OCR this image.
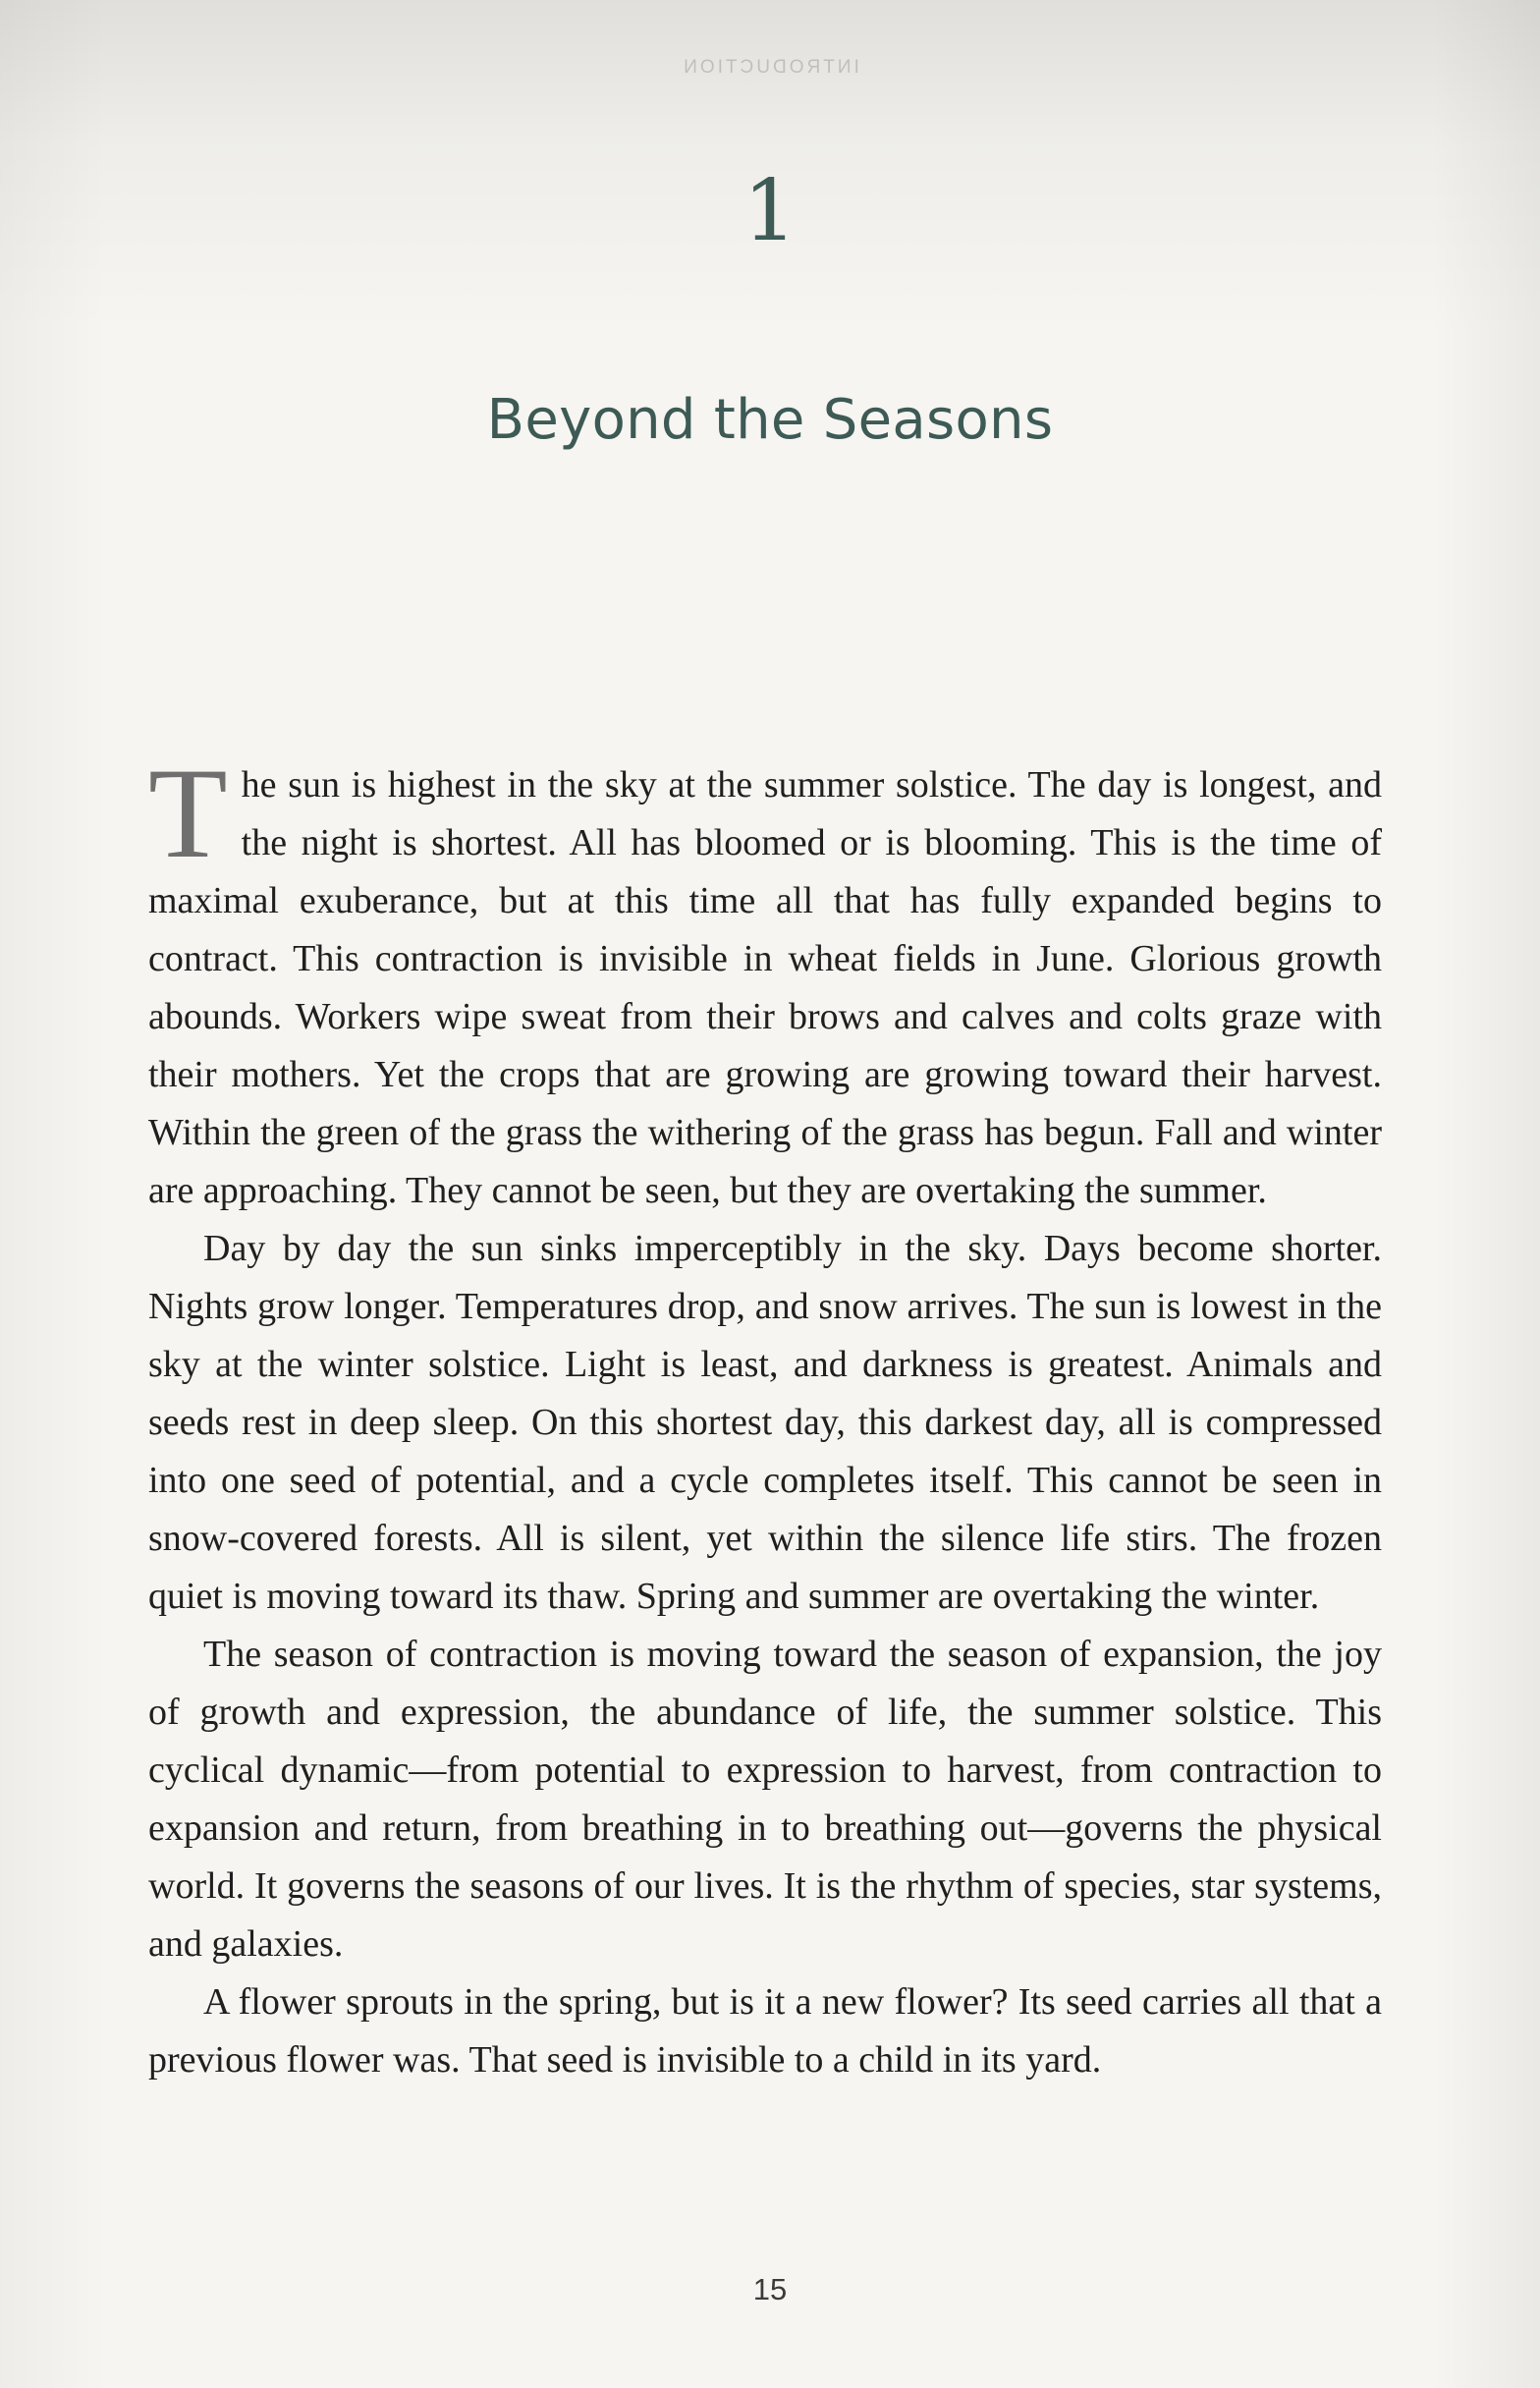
INTRODUCTION
1
Beyond the Seasons

The sun is highest in the sky at the summer solstice. The day is longest, and the night is shortest. All has bloomed or is blooming. This is the time of maximal exuberance, but at this time all that has fully expanded begins to contract. This contraction is invisible in wheat fields in June. Glorious growth abounds. Workers wipe sweat from their brows and calves and colts graze with their mothers. Yet the crops that are growing are growing toward their harvest. Within the green of the grass the withering of the grass has begun. Fall and winter are approaching. They cannot be seen, but they are overtaking the summer.

Day by day the sun sinks imperceptibly in the sky. Days become shorter. Nights grow longer. Temperatures drop, and snow arrives. The sun is lowest in the sky at the winter solstice. Light is least, and darkness is greatest. Animals and seeds rest in deep sleep. On this shortest day, this darkest day, all is compressed into one seed of potential, and a cycle completes itself. This cannot be seen in snow-covered forests. All is silent, yet within the silence life stirs. The frozen quiet is moving toward its thaw. Spring and summer are overtaking the winter.

The season of contraction is moving toward the season of expansion, the joy of growth and expression, the abundance of life, the summer solstice. This cyclical dynamic—from potential to expression to harvest, from contraction to expansion and return, from breathing in to breathing out—governs the physical world. It governs the seasons of our lives. It is the rhythm of species, star systems, and galaxies.

A flower sprouts in the spring, but is it a new flower? Its seed carries all that a previous flower was. That seed is invisible to a child in its yard.

15
